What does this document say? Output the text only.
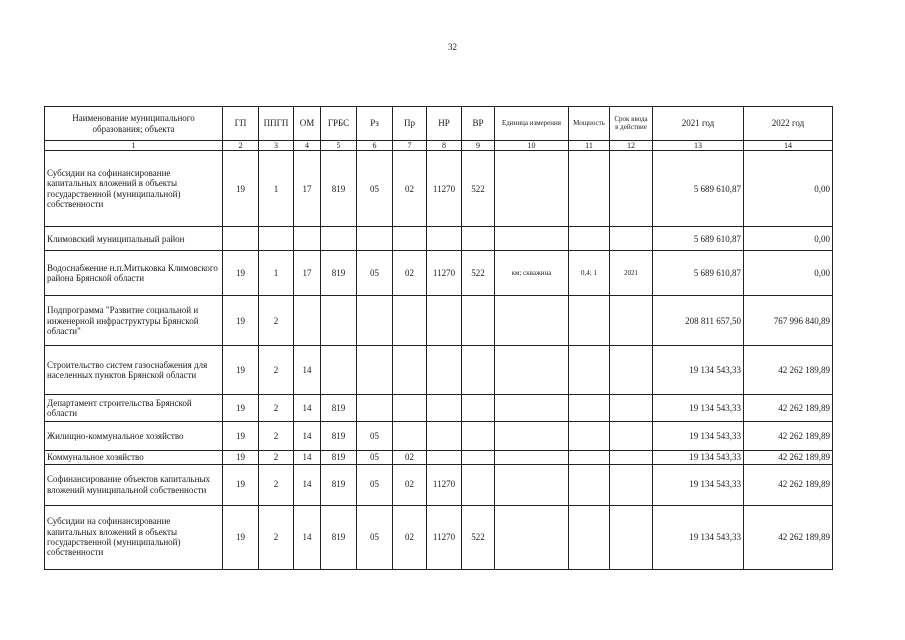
32
Наименование муниципального образования; объекта	ГП	ППГП	ОМ	ГРБС	Рз	Пр	НР	ВР	Единица измерения	Мощность	Срок ввода в действие	2021 год	2022 год
1	2	3	4	5	6	7	8	9	10	11	12	13	14
Субсидии на софинансирование капитальных вложений в объекты государственной (муниципальной) собственности	19	1	17	819	05	02	11270	522				5 689 610,87	0,00
Климовский муниципальный район												5 689 610,87	0,00
Водоснабжение н.п.Митьковка Климовского района Брянской области	19	1	17	819	05	02	11270	522	км; скважина	0,4; 1	2021	5 689 610,87	0,00
Подпрограмма "Развитие социальной и инженерной инфраструктуры Брянской области"	19	2										208 811 657,50	767 996 840,89
Строительство систем газоснабжения для населенных пунктов Брянской области	19	2	14									19 134 543,33	42 262 189,89
Департамент строительства Брянской области	19	2	14	819								19 134 543,33	42 262 189,89
Жилищно-коммунальное хозяйство	19	2	14	819	05							19 134 543,33	42 262 189,89
Коммунальное хозяйство	19	2	14	819	05	02						19 134 543,33	42 262 189,89
Софинансирование объектов капитальных вложений муниципальной собственности	19	2	14	819	05	02	11270					19 134 543,33	42 262 189,89
Субсидии на софинансирование капитальных вложений в объекты государственной (муниципальной) собственности	19	2	14	819	05	02	11270	522				19 134 543,33	42 262 189,89
